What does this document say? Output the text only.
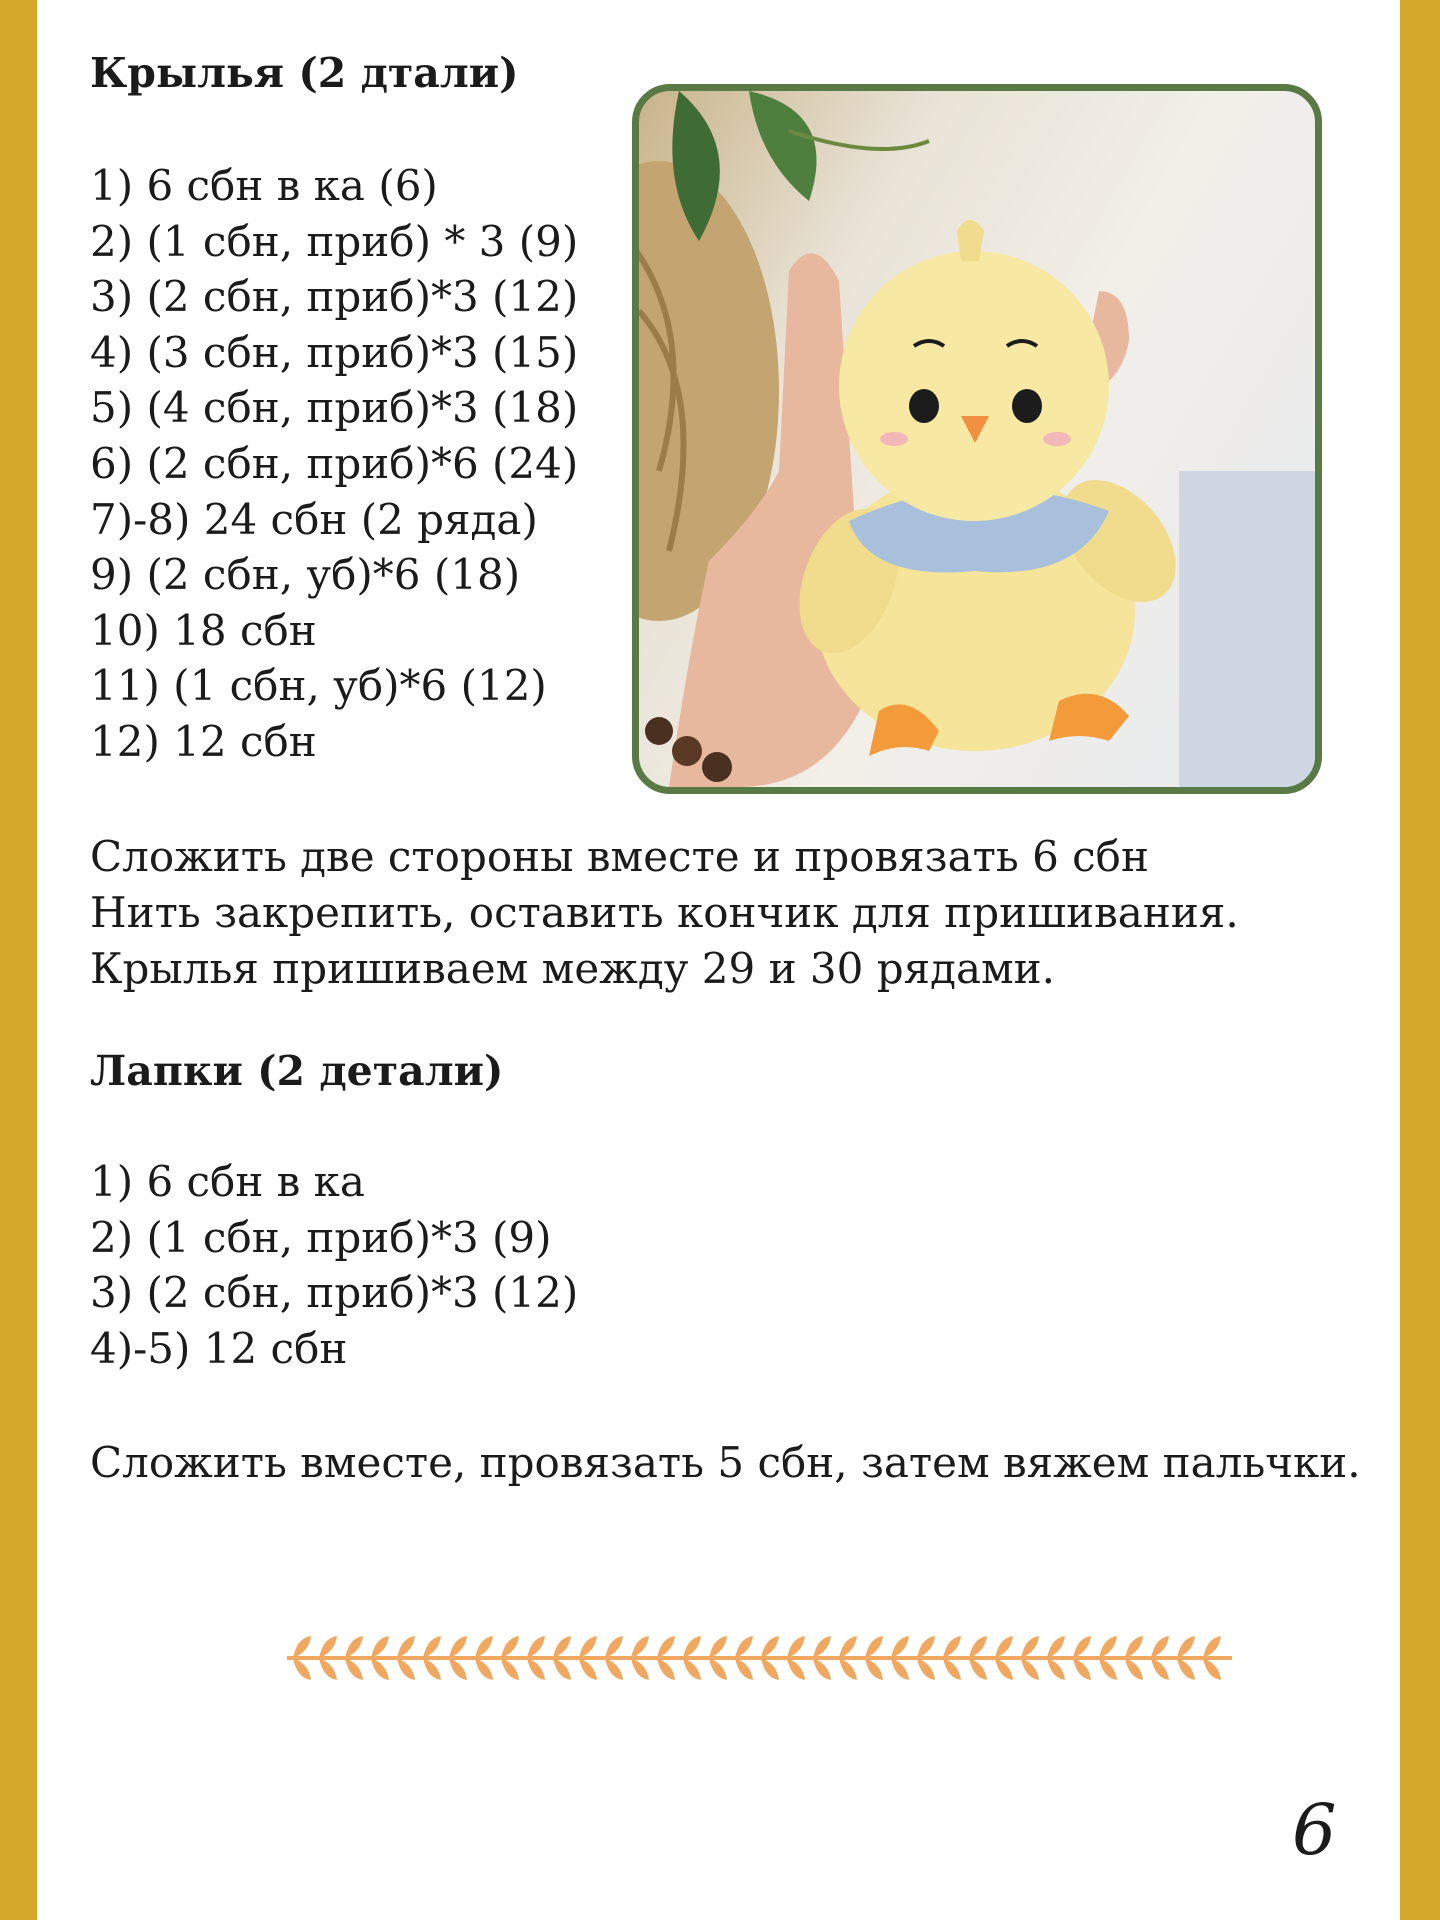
Крылья (2 дтали)
1) 6 сбн в ка (6)
2) (1 сбн, приб) * 3 (9)
3) (2 сбн, приб)*3 (12)
4) (3 сбн, приб)*3 (15)
5) (4 сбн, приб)*3 (18)
6) (2 сбн, приб)*6 (24)
7)-8) 24 сбн (2 ряда)
9) (2 сбн, уб)*6 (18)
10) 18 сбн
11) (1 сбн, уб)*6 (12)
12) 12 сбн

Сложить две стороны вместе и провязать 6 сбн

Нить закрепить, оставить кончик для пришивания.

Крылья пришиваем между 29 и 30 рядами.

Лапки (2 детали)
1) 6 сбн в ка
2) (1 сбн, приб)*3 (9)
3) (2 сбн, приб)*3 (12)
4)-5) 12 сбн

Сложить вместе, провязать 5 сбн, затем вяжем пальчки.

6
